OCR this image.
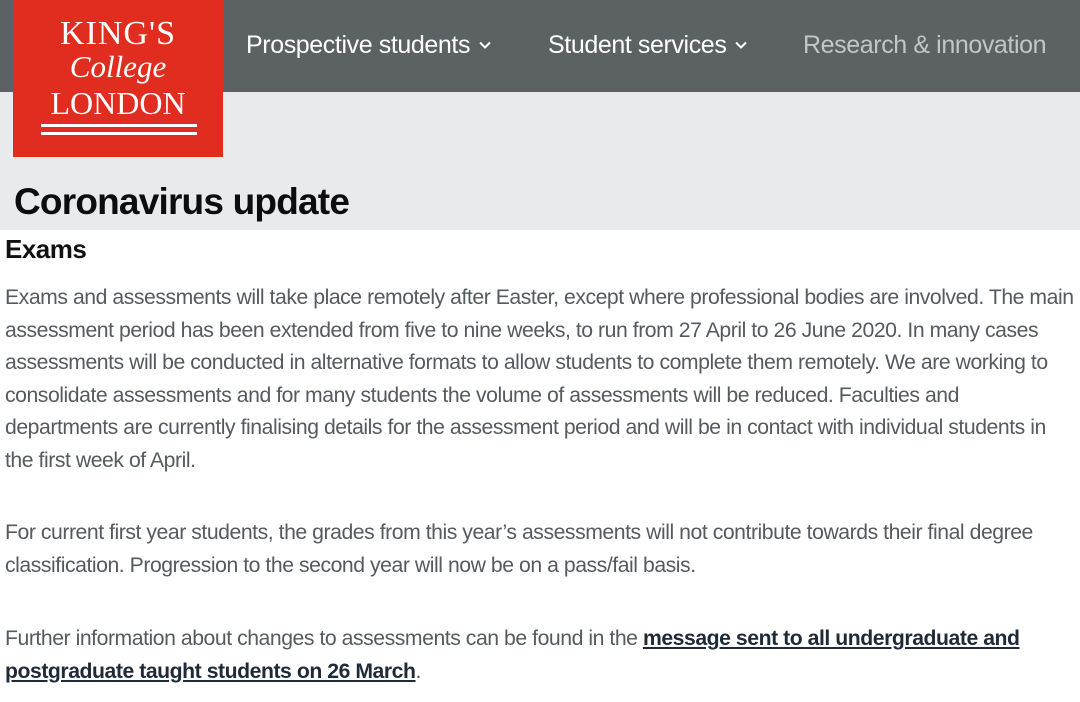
Prospective students	Student services	Research & innovation
KING'S
College
LONDON
Coronavirus update
Exams

Exams and assessments will take place remotely after Easter, except where professional bodies are involved. The main assessment period has been extended from five to nine weeks, to run from 27 April to 26 June 2020. In many cases assessments will be conducted in alternative formats to allow students to complete them remotely. We are working to consolidate assessments and for many students the volume of assessments will be reduced. Faculties and departments are currently finalising details for the assessment period and will be in contact with individual students in the first week of April.

For current first year students, the grades from this year’s assessments will not contribute towards their final degree classification. Progression to the second year will now be on a pass/fail basis.

Further information about changes to assessments can be found in the message sent to all undergraduate and postgraduate taught students on 26 March.
